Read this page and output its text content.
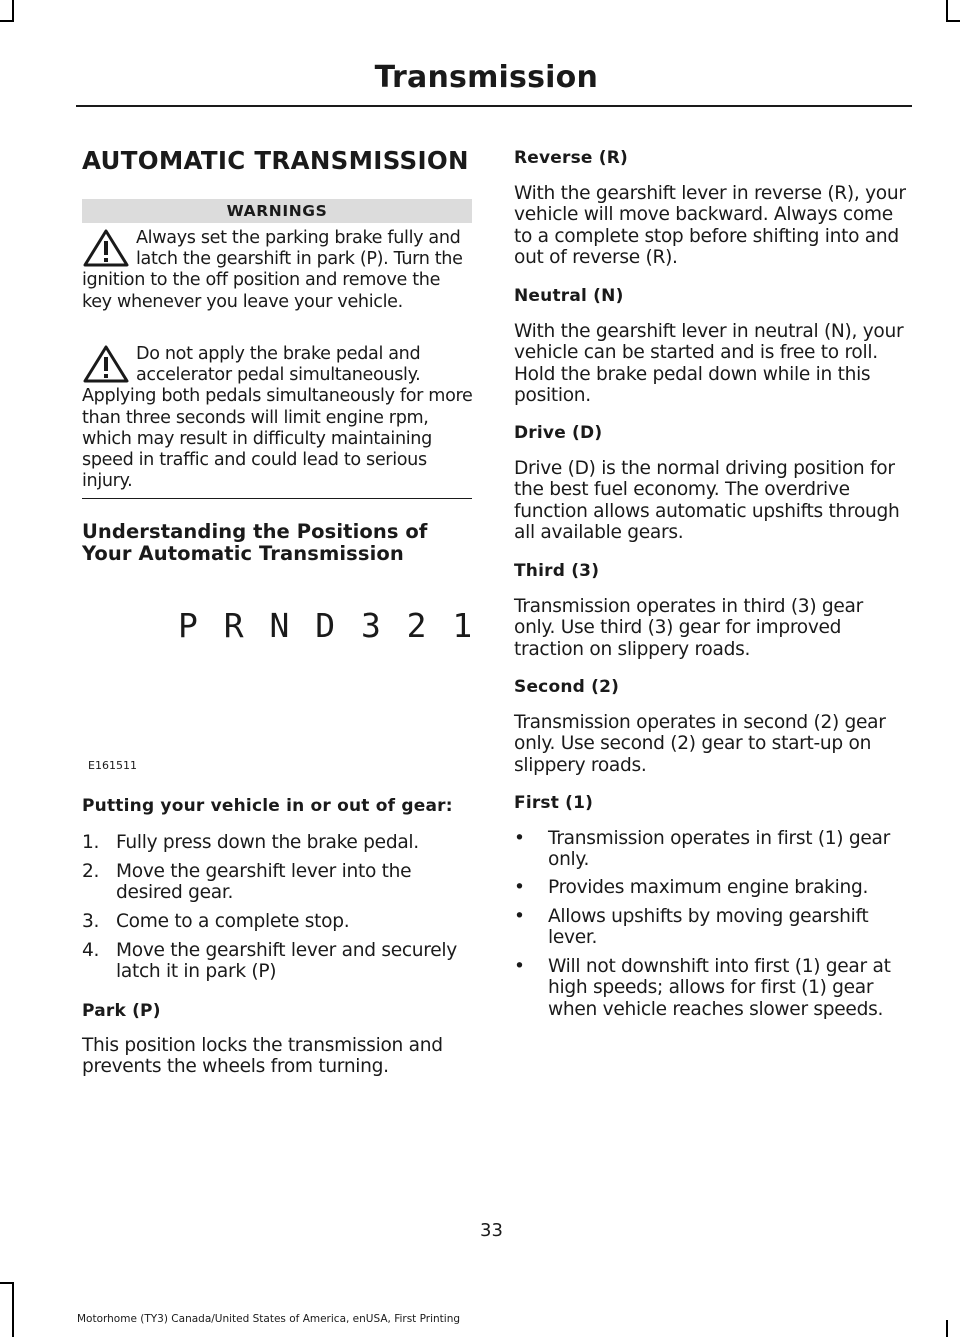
Transmission
AUTOMATIC TRANSMISSION
WARNINGS
Always set the parking brake fully and latch the gearshift in park (P). Turn the ignition to the off position and remove the key whenever you leave your vehicle.
Do not apply the brake pedal and accelerator pedal simultaneously. Applying both pedals simultaneously for more than three seconds will limit engine rpm, which may result in difficulty maintaining speed in traffic and could lead to serious injury.
Understanding the Positions of Your Automatic Transmission
P R N D 3 2 1
E161511
Putting your vehicle in or out of gear:
1. Fully press down the brake pedal.
2. Move the gearshift lever into the desired gear.
3. Come to a complete stop.
4. Move the gearshift lever and securely latch it in park (P)
Park (P)
This position locks the transmission and prevents the wheels from turning.
Reverse (R)
With the gearshift lever in reverse (R), your vehicle will move backward. Always come to a complete stop before shifting into and out of reverse (R).
Neutral (N)
With the gearshift lever in neutral (N), your vehicle can be started and is free to roll. Hold the brake pedal down while in this position.
Drive (D)
Drive (D) is the normal driving position for the best fuel economy. The overdrive function allows automatic upshifts through all available gears.
Third (3)
Transmission operates in third (3) gear only. Use third (3) gear for improved traction on slippery roads.
Second (2)
Transmission operates in second (2) gear only. Use second (2) gear to start-up on slippery roads.
First (1)
• Transmission operates in first (1) gear only.
• Provides maximum engine braking.
• Allows upshifts by moving gearshift lever.
• Will not downshift into first (1) gear at high speeds; allows for first (1) gear when vehicle reaches slower speeds.
33
Motorhome (TY3) Canada/United States of America, enUSA, First Printing
